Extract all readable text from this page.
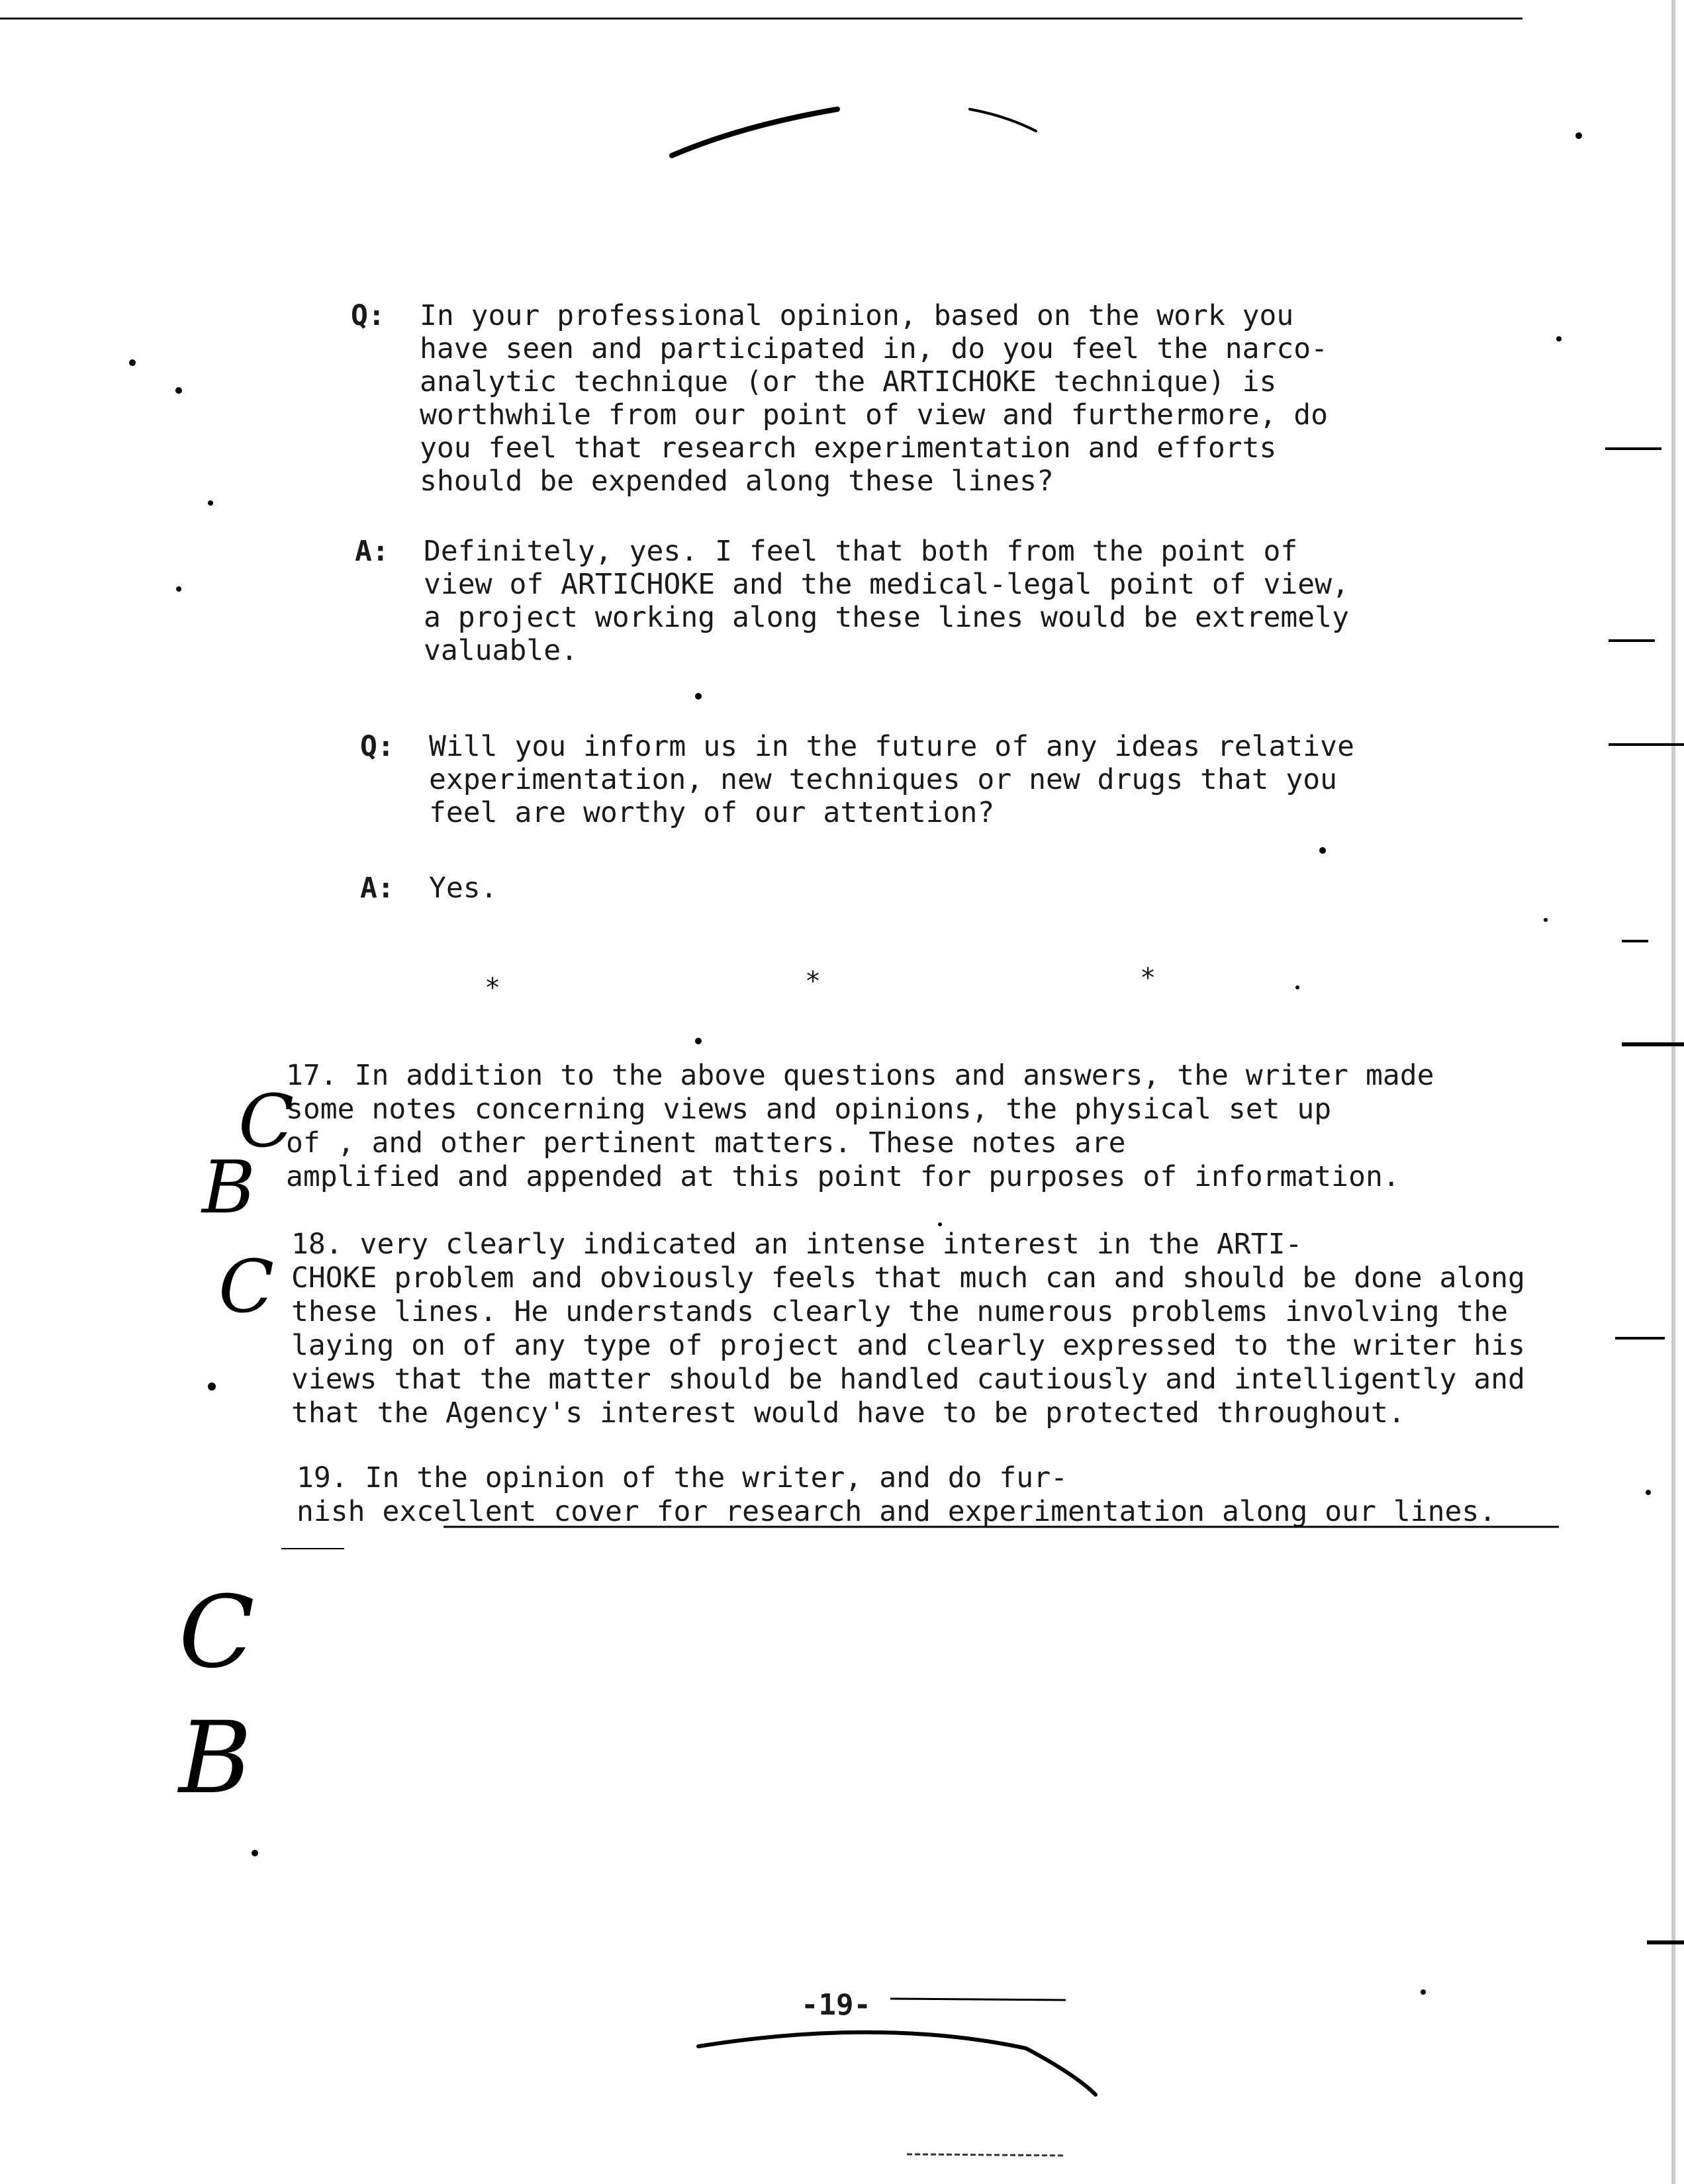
Q: In your professional opinion, based on the work you
have seen and participated in, do you feel the narco-
analytic technique (or the ARTICHOKE technique) is
worthwhile from our point of view and furthermore, do
you feel that research experimentation and efforts
should be expended along these lines?
A: Definitely, yes. I feel that both from the point of
view of ARTICHOKE and the medical-legal point of view,
a project working along these lines would be extremely
valuable.
Q: Will you inform us in the future of any ideas relative
experimentation, new techniques or new drugs that you
feel are worthy of our attention?
A: Yes.
*	*	*
17. In addition to the above questions and answers, the writer made
some notes concerning views and opinions, the physical set up
of , and other pertinent matters. These notes are
amplified and appended at this point for purposes of information.
18. very clearly indicated an intense interest in the ARTI-
CHOKE problem and obviously feels that much can and should be done along
these lines. He understands clearly the numerous problems involving the
laying on of any type of project and clearly expressed to the writer his
views that the matter should be handled cautiously and intelligently and
that the Agency's interest would have to be protected throughout.
19. In the opinion of the writer, and do fur-
nish excellent cover for research and experimentation along our lines.
C
B
C
C
B
-19-
